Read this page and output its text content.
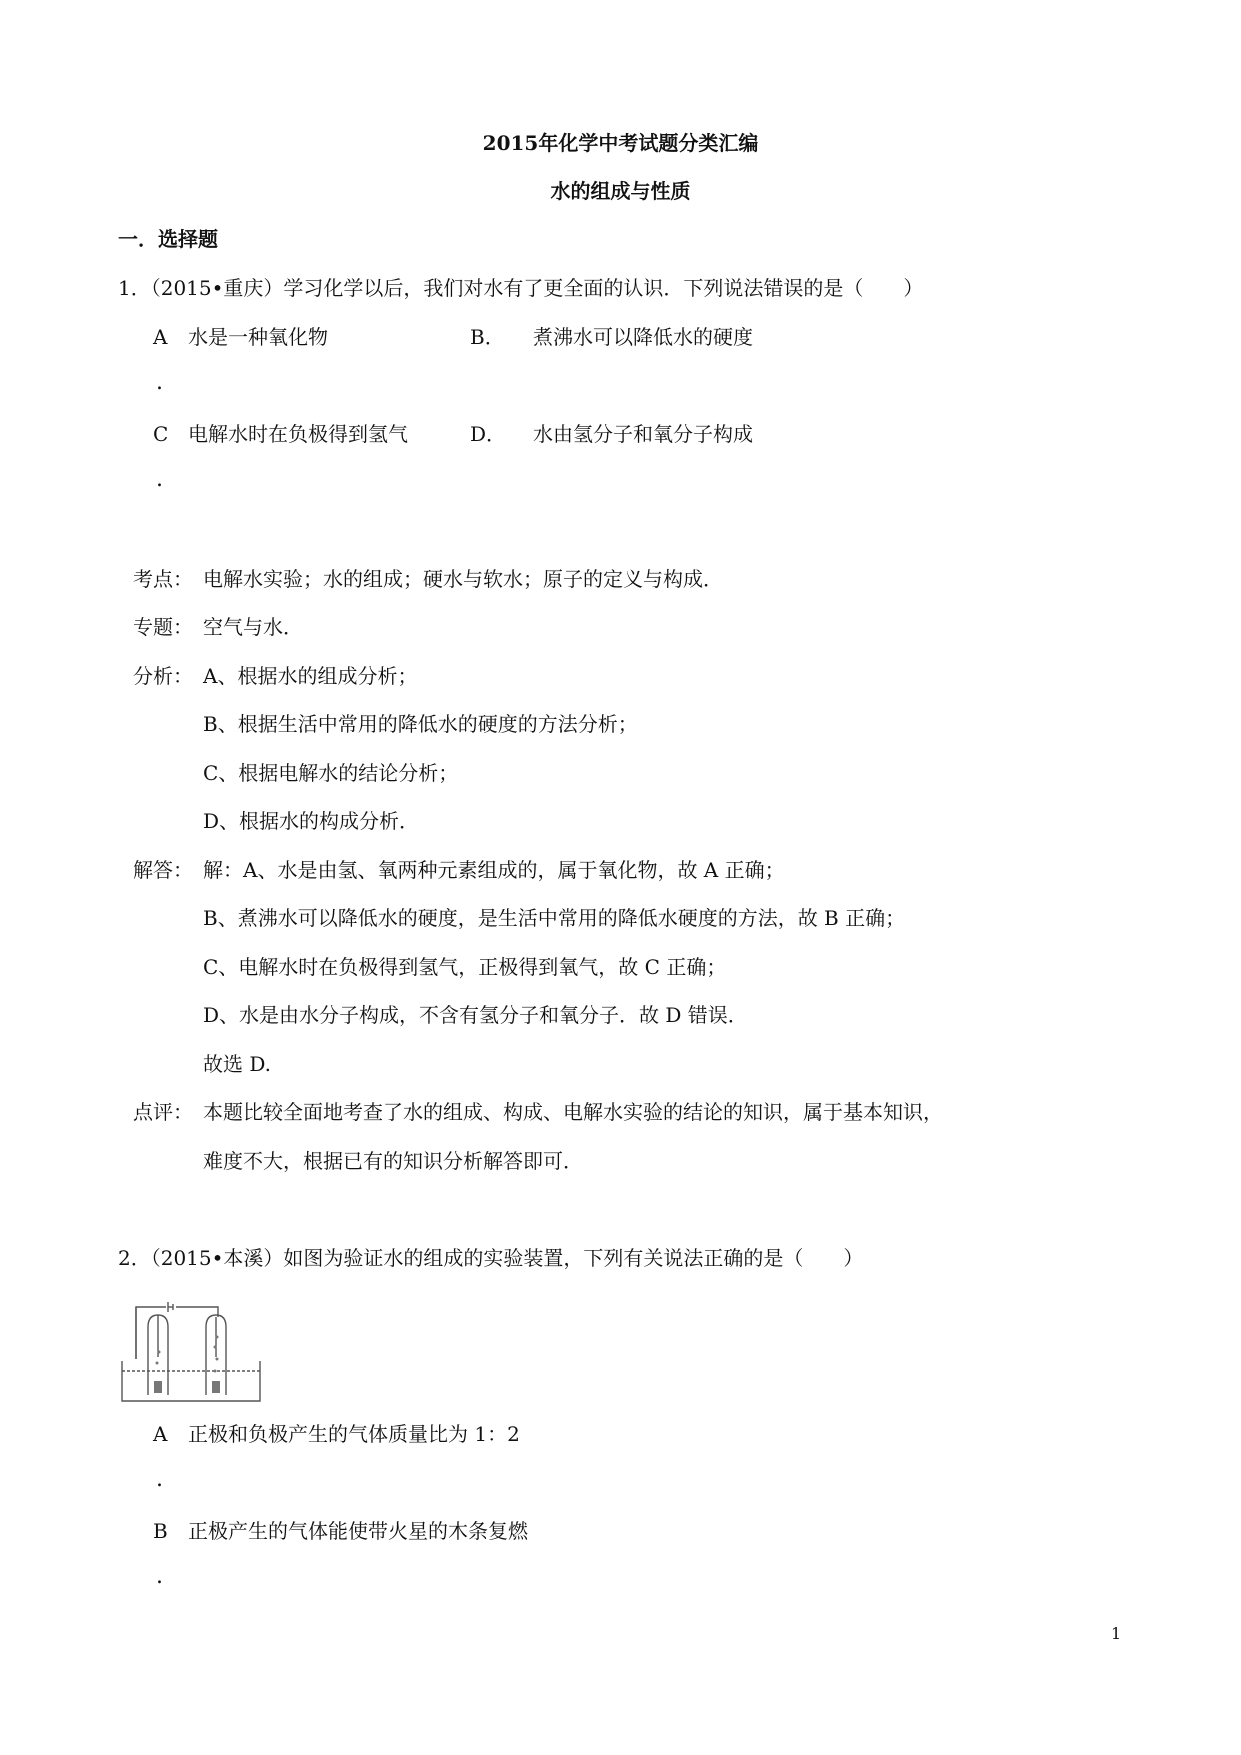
2015年化学中考试题分类汇编
水的组成与性质
一．选择题
1．（2015•重庆）学习化学以后，我们对水有了更全面的认识．下列说法错误的是（　　）
A 水是一种氧化物	B． 煮沸水可以降低水的硬度
.
C 电解水时在负极得到氢气	D． 水由氢分子和氧分子构成
.
考点： 电解水实验；水的组成；硬水与软水；原子的定义与构成．
专题： 空气与水．
分析： A、根据水的组成分析；
B、根据生活中常用的降低水的硬度的方法分析；
C、根据电解水的结论分析；
D、根据水的构成分析．
解答： 解：A、水是由氢、氧两种元素组成的，属于氧化物，故 A 正确；
B、煮沸水可以降低水的硬度，是生活中常用的降低水硬度的方法，故 B 正确；
C、电解水时在负极得到氢气，正极得到氧气，故 C 正确；
D、水是由水分子构成，不含有氢分子和氧分子．故 D 错误．
故选 D.
点评： 本题比较全面地考查了水的组成、构成、电解水实验的结论的知识，属于基本知识，
难度不大，根据已有的知识分析解答即可．
2．（2015•本溪）如图为验证水的组成的实验装置，下列有关说法正确的是（　　）
A 正极和负极产生的气体质量比为 1：2
.
B 正极产生的气体能使带火星的木条复燃
.
1
